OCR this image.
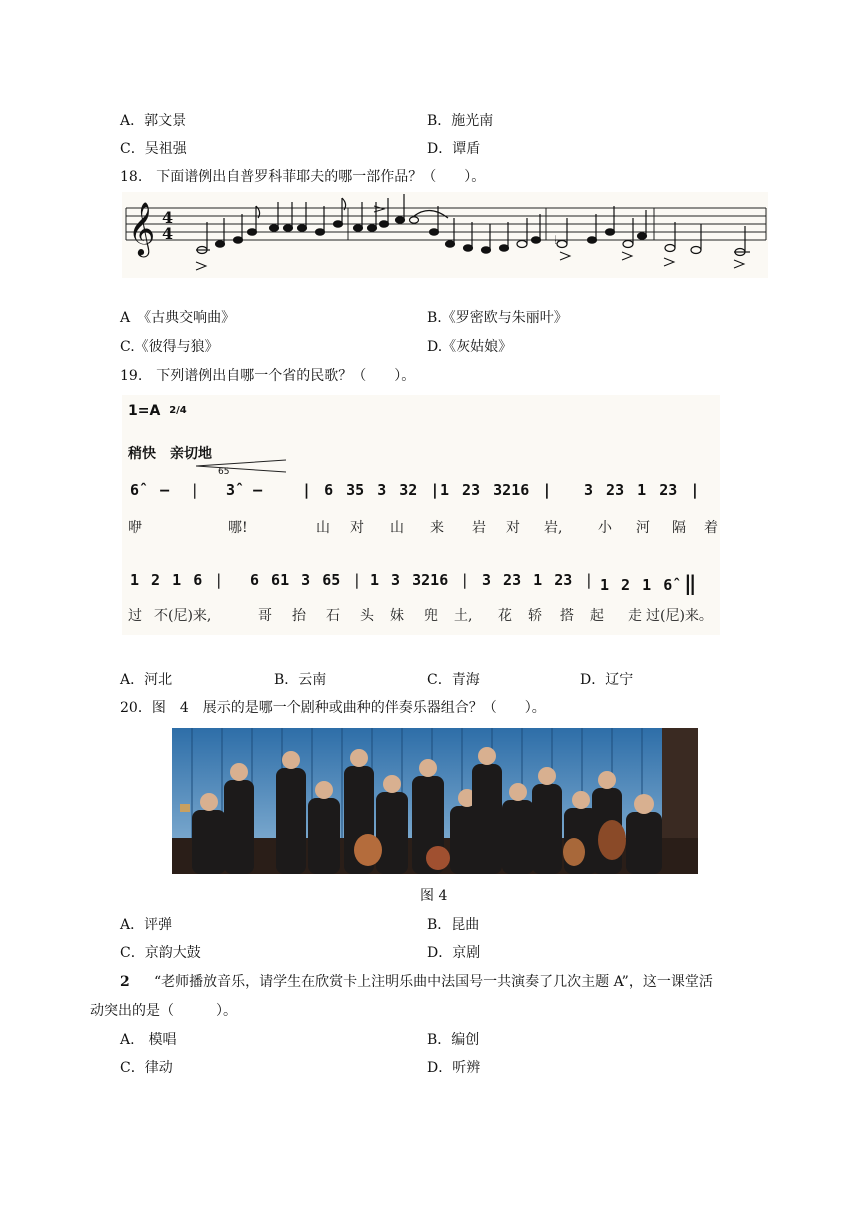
A．郭文景	B．施光南
C．吴祖强	D．谭盾
18.　下面谱例出自普罗科菲耶夫的哪一部作品？（　　）。
𝄞 4
4	♭
A　《古典交响曲》	B.《罗密欧与朱丽叶》
C.《彼得与狼》	D.《灰姑娘》
19.　下列谱例出自哪一个省的民歌？（　　）。
1=A 2/4
稍快　亲切地
6̂ – |
65
3̂ –	| 6 35 3 32 | 1 23 3216 | 3 23 1 23 |
咿	哪!	山 对 山 来 岩 对 岩,	小 河 隔 着
1 2 1 6 | 6 61 3 65 | 1 3 3216 | 3 23 1 23 | 1 2 1 6̂ ‖
过 不(尼)来,	哥 抬 石 头 妹 兜 土, 花 轿 搭 起 走 过(尼)来。
A．河北	B．云南	C．青海	D．辽宁
20．图　4　展示的是哪一个剧种或曲种的伴奏乐器组合？（　　）。
图 4
A．评弹	B．昆曲
C．京韵大鼓	D．京剧
2 “老师播放音乐，请学生在欣赏卡上注明乐曲中法国号一共演奏了几次主题 A”，这一课堂活
动突出的是（　　　）。
A.　模唱	B．编创
C．律动	D．听辨
